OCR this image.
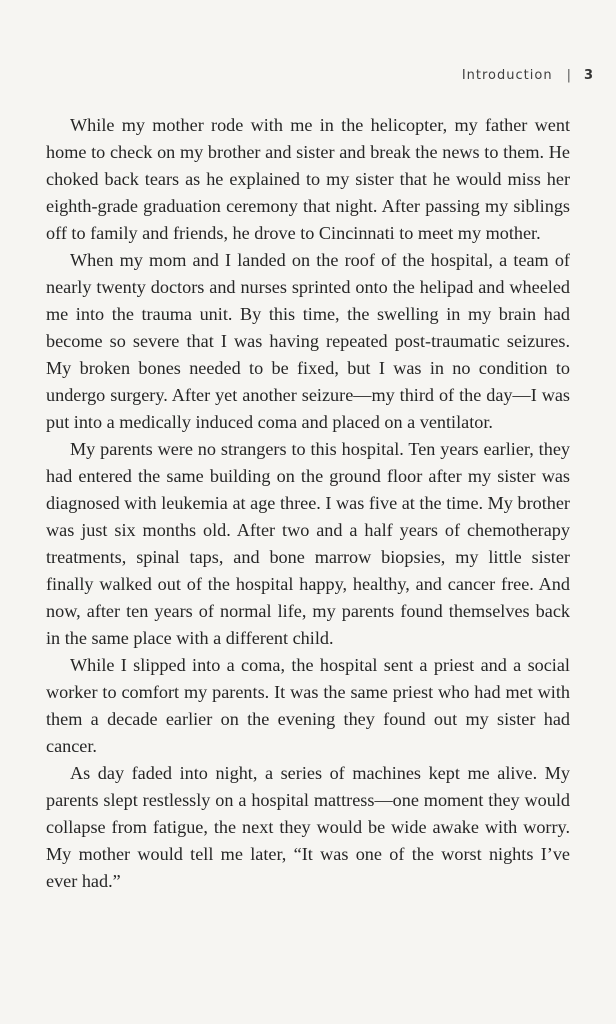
Introduction | 3

While my mother rode with me in the helicopter, my father went home to check on my brother and sister and break the news to them. He choked back tears as he explained to my sister that he would miss her eighth-grade graduation ceremony that night. After passing my siblings off to family and friends, he drove to Cincinnati to meet my mother.

When my mom and I landed on the roof of the hospital, a team of nearly twenty doctors and nurses sprinted onto the helipad and wheeled me into the trauma unit. By this time, the swelling in my brain had become so severe that I was having repeated post-traumatic seizures. My broken bones needed to be fixed, but I was in no condition to undergo surgery. After yet another seizure—my third of the day—I was put into a medically induced coma and placed on a ventilator.

My parents were no strangers to this hospital. Ten years earlier, they had entered the same building on the ground floor after my sister was diagnosed with leukemia at age three. I was five at the time. My brother was just six months old. After two and a half years of chemotherapy treatments, spinal taps, and bone marrow biopsies, my little sister finally walked out of the hospital happy, healthy, and cancer free. And now, after ten years of normal life, my parents found themselves back in the same place with a different child.

While I slipped into a coma, the hospital sent a priest and a social worker to comfort my parents. It was the same priest who had met with them a decade earlier on the evening they found out my sister had cancer.

As day faded into night, a series of machines kept me alive. My parents slept restlessly on a hospital mattress—one moment they would collapse from fatigue, the next they would be wide awake with worry. My mother would tell me later, “It was one of the worst nights I’ve ever had.”
